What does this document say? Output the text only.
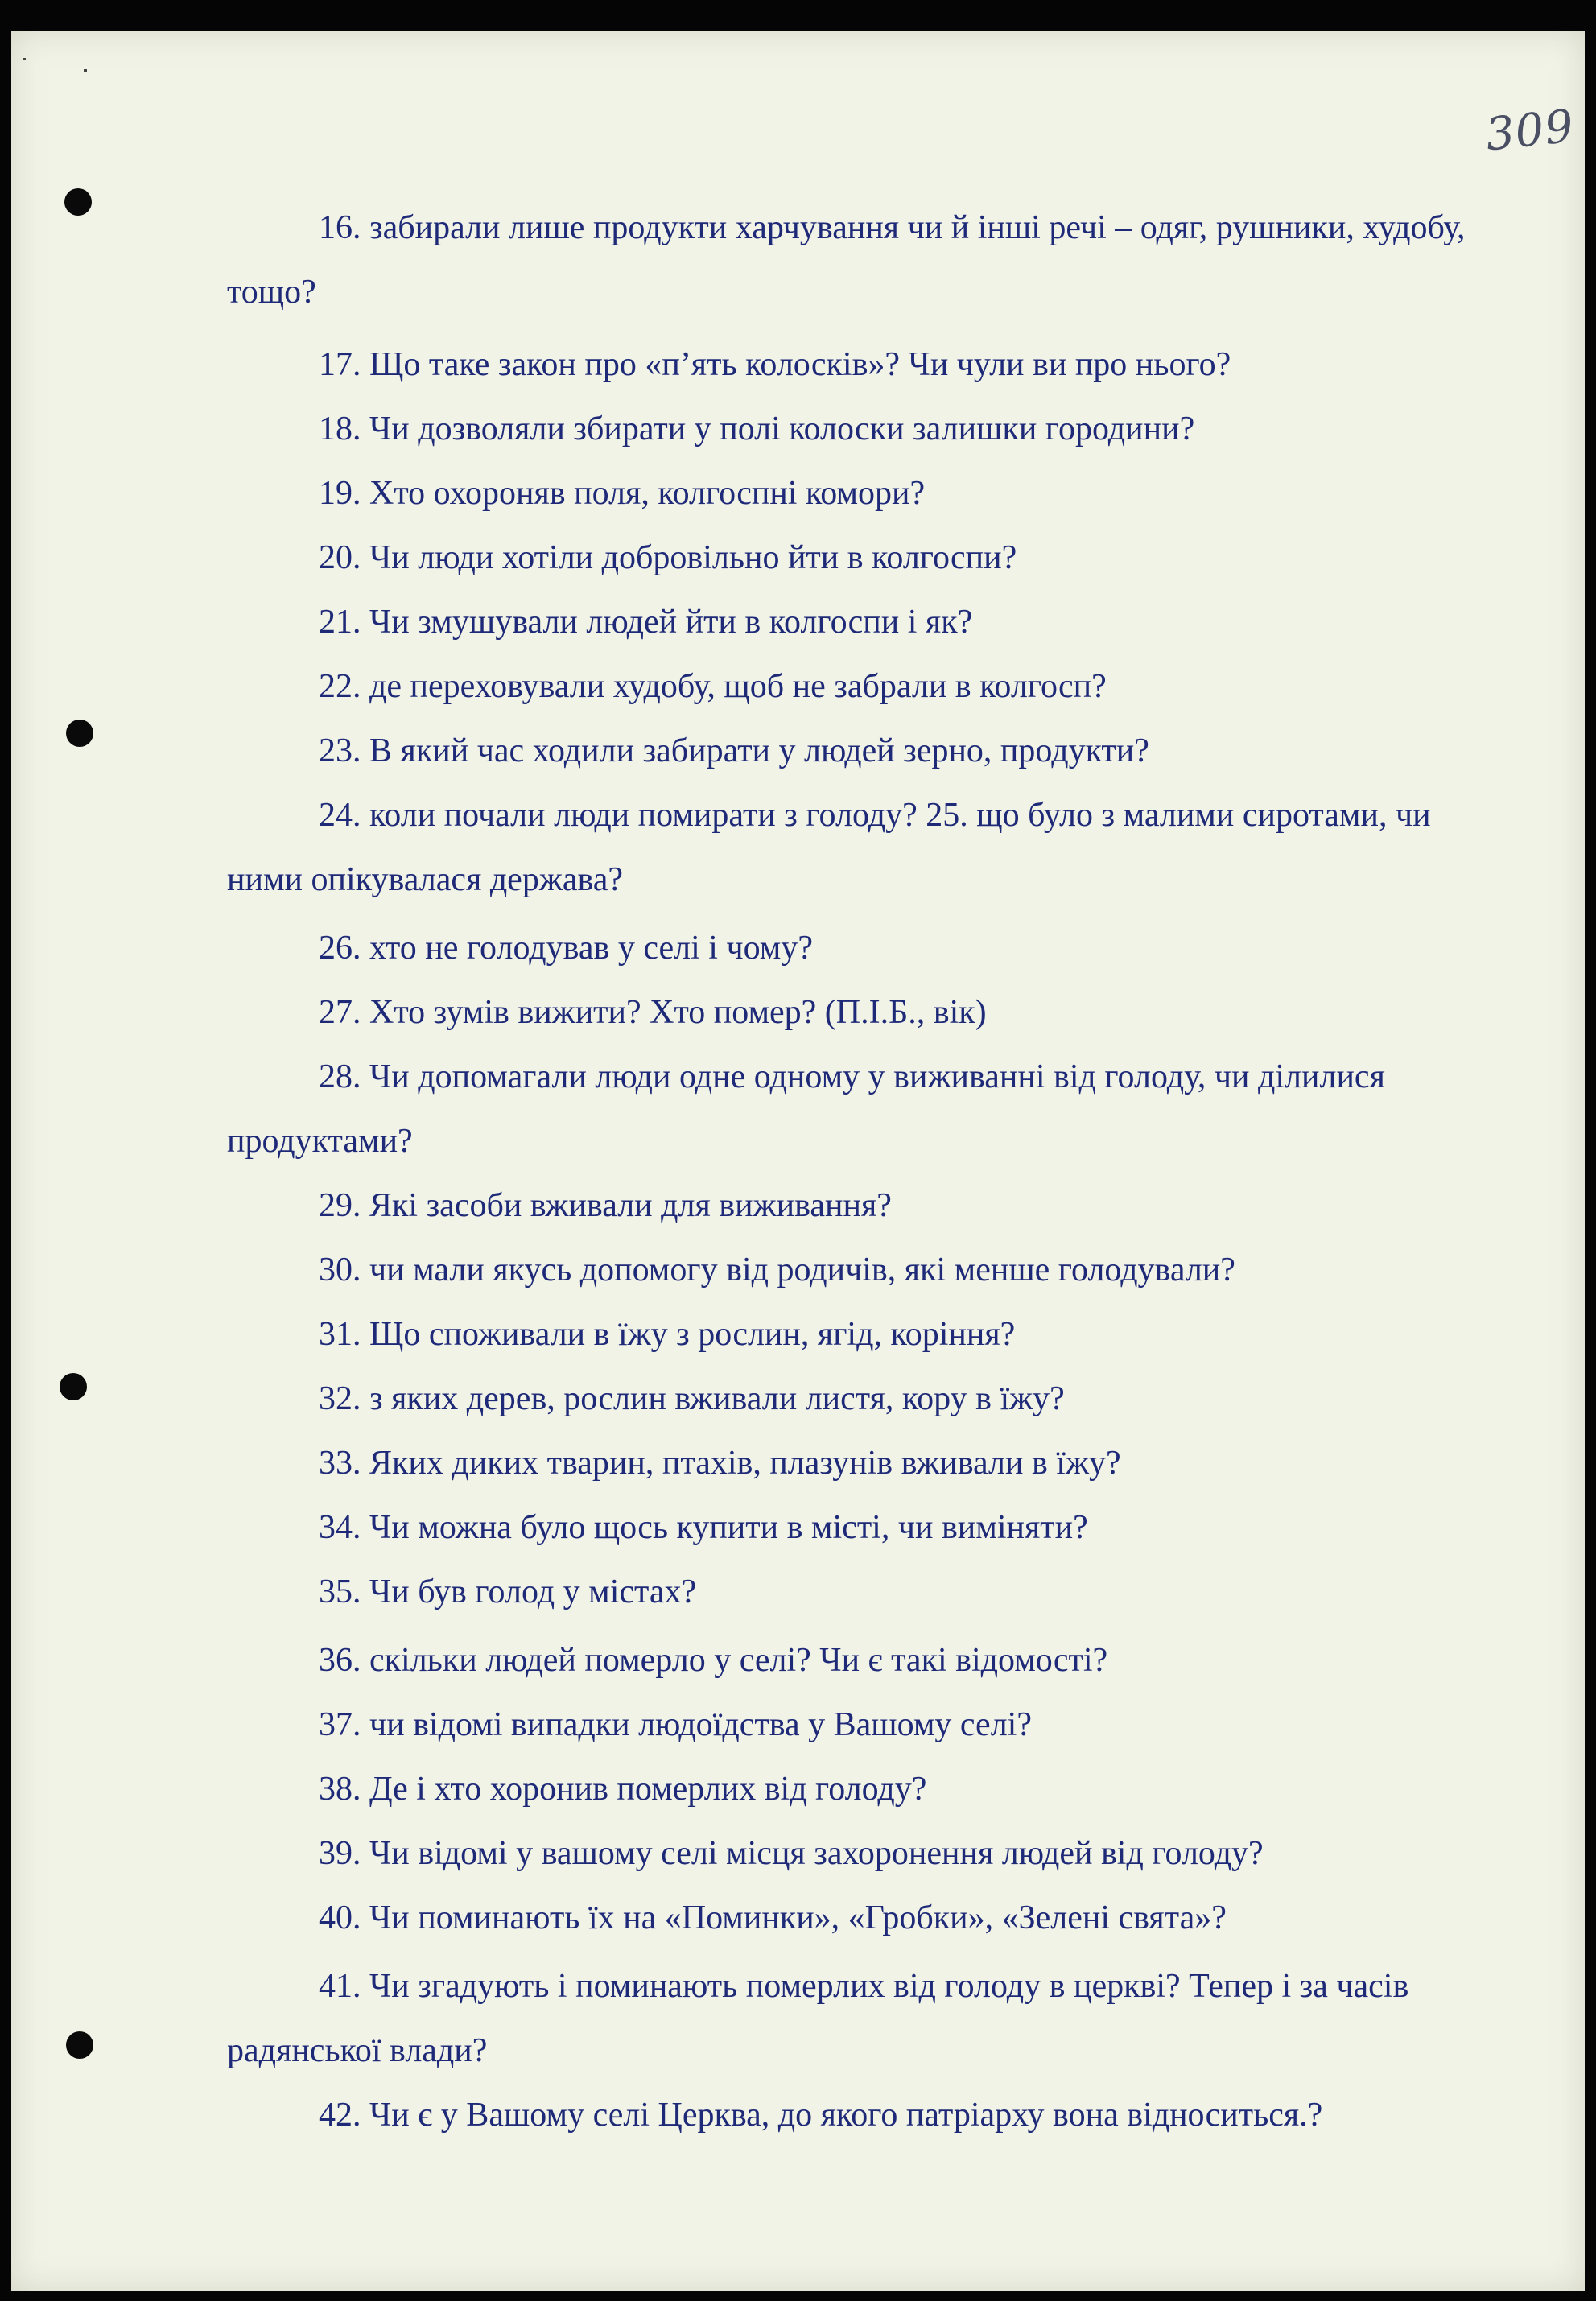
309

16. забирали лише продукти харчування чи й інші речі – одяг, рушники, худобу, тощо?

17. Що таке закон про «п’ять колосків»? Чи чули ви про нього?

18. Чи дозволяли збирати у полі колоски залишки городини?

19. Хто охороняв поля, колгоспні комори?

20. Чи люди хотіли добровільно йти в колгоспи?

21. Чи змушували людей йти в колгоспи і як?

22. де переховували худобу, щоб не забрали в колгосп?

23. В який час ходили забирати у людей зерно, продукти?

24. коли почали люди помирати з голоду? 25. що було з малими сиротами, чи ними опікувалася держава?

26. хто не голодував у селі і чому?

27. Хто зумів вижити? Хто помер? (П.І.Б., вік)

28. Чи допомагали люди одне одному у виживанні від голоду, чи ділилися продуктами?

29. Які засоби вживали для виживання?

30. чи мали якусь допомогу від родичів, які менше голодували?

31. Що споживали в їжу з рослин, ягід, коріння?

32. з яких дерев, рослин вживали листя, кору в їжу?

33. Яких диких тварин, птахів, плазунів вживали в їжу?

34. Чи можна було щось купити в місті, чи виміняти?

35. Чи був голод у містах?

36. скільки людей померло у селі? Чи є такі відомості?

37. чи відомі випадки людоїдства у Вашому селі?

38. Де і хто хоронив померлих від голоду?

39. Чи відомі у вашому селі місця захоронення людей від голоду?

40. Чи поминають їх на «Поминки», «Гробки», «Зелені свята»?

41. Чи згадують і поминають померлих від голоду в церкві? Тепер і за часів радянської влади?

42. Чи є у Вашому селі Церква, до якого патріарху вона відноситься.?
